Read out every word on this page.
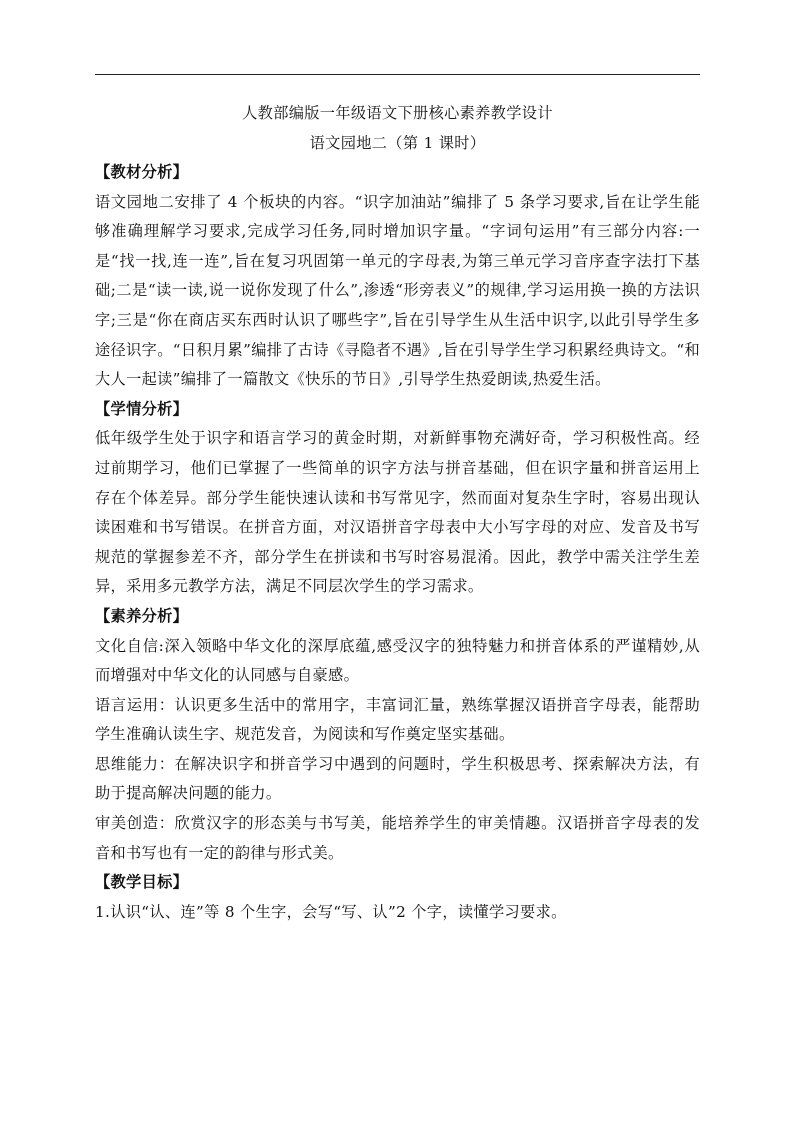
人教部编版一年级语文下册核心素养教学设计
语文园地二（第 1 课时）
【教材分析】

语文园地二安排了 4 个板块的内容。“识字加油站”编排了 5 条学习要求,旨在让学生能够准确理解学习要求,完成学习任务,同时增加识字量。“字词句运用”有三部分内容:一是“找一找,连一连”,旨在复习巩固第一单元的字母表,为第三单元学习音序查字法打下基础;二是“读一读,说一说你发现了什么”,渗透“形旁表义”的规律,学习运用换一换的方法识字;三是“你在商店买东西时认识了哪些字”,旨在引导学生从生活中识字,以此引导学生多途径识字。“日积月累”编排了古诗《寻隐者不遇》,旨在引导学生学习积累经典诗文。“和大人一起读”编排了一篇散文《快乐的节日》,引导学生热爱朗读,热爱生活。

【学情分析】

低年级学生处于识字和语言学习的黄金时期，对新鲜事物充满好奇，学习积极性高。经过前期学习，他们已掌握了一些简单的识字方法与拼音基础，但在识字量和拼音运用上存在个体差异。部分学生能快速认读和书写常见字，然而面对复杂生字时，容易出现认读困难和书写错误。在拼音方面，对汉语拼音字母表中大小写字母的对应、发音及书写规范的掌握参差不齐，部分学生在拼读和书写时容易混淆。因此，教学中需关注学生差异，采用多元教学方法，满足不同层次学生的学习需求。

【素养分析】

文化自信:深入领略中华文化的深厚底蕴,感受汉字的独特魅力和拼音体系的严谨精妙,从而增强对中华文化的认同感与自豪感。

语言运用：认识更多生活中的常用字，丰富词汇量，熟练掌握汉语拼音字母表，能帮助学生准确认读生字、规范发音，为阅读和写作奠定坚实基础。

思维能力：在解决识字和拼音学习中遇到的问题时，学生积极思考、探索解决方法，有助于提高解决问题的能力。

审美创造：欣赏汉字的形态美与书写美，能培养学生的审美情趣。汉语拼音字母表的发音和书写也有一定的韵律与形式美。

【教学目标】

1.认识“认、连”等 8 个生字，会写“写、认”2 个字，读懂学习要求。
